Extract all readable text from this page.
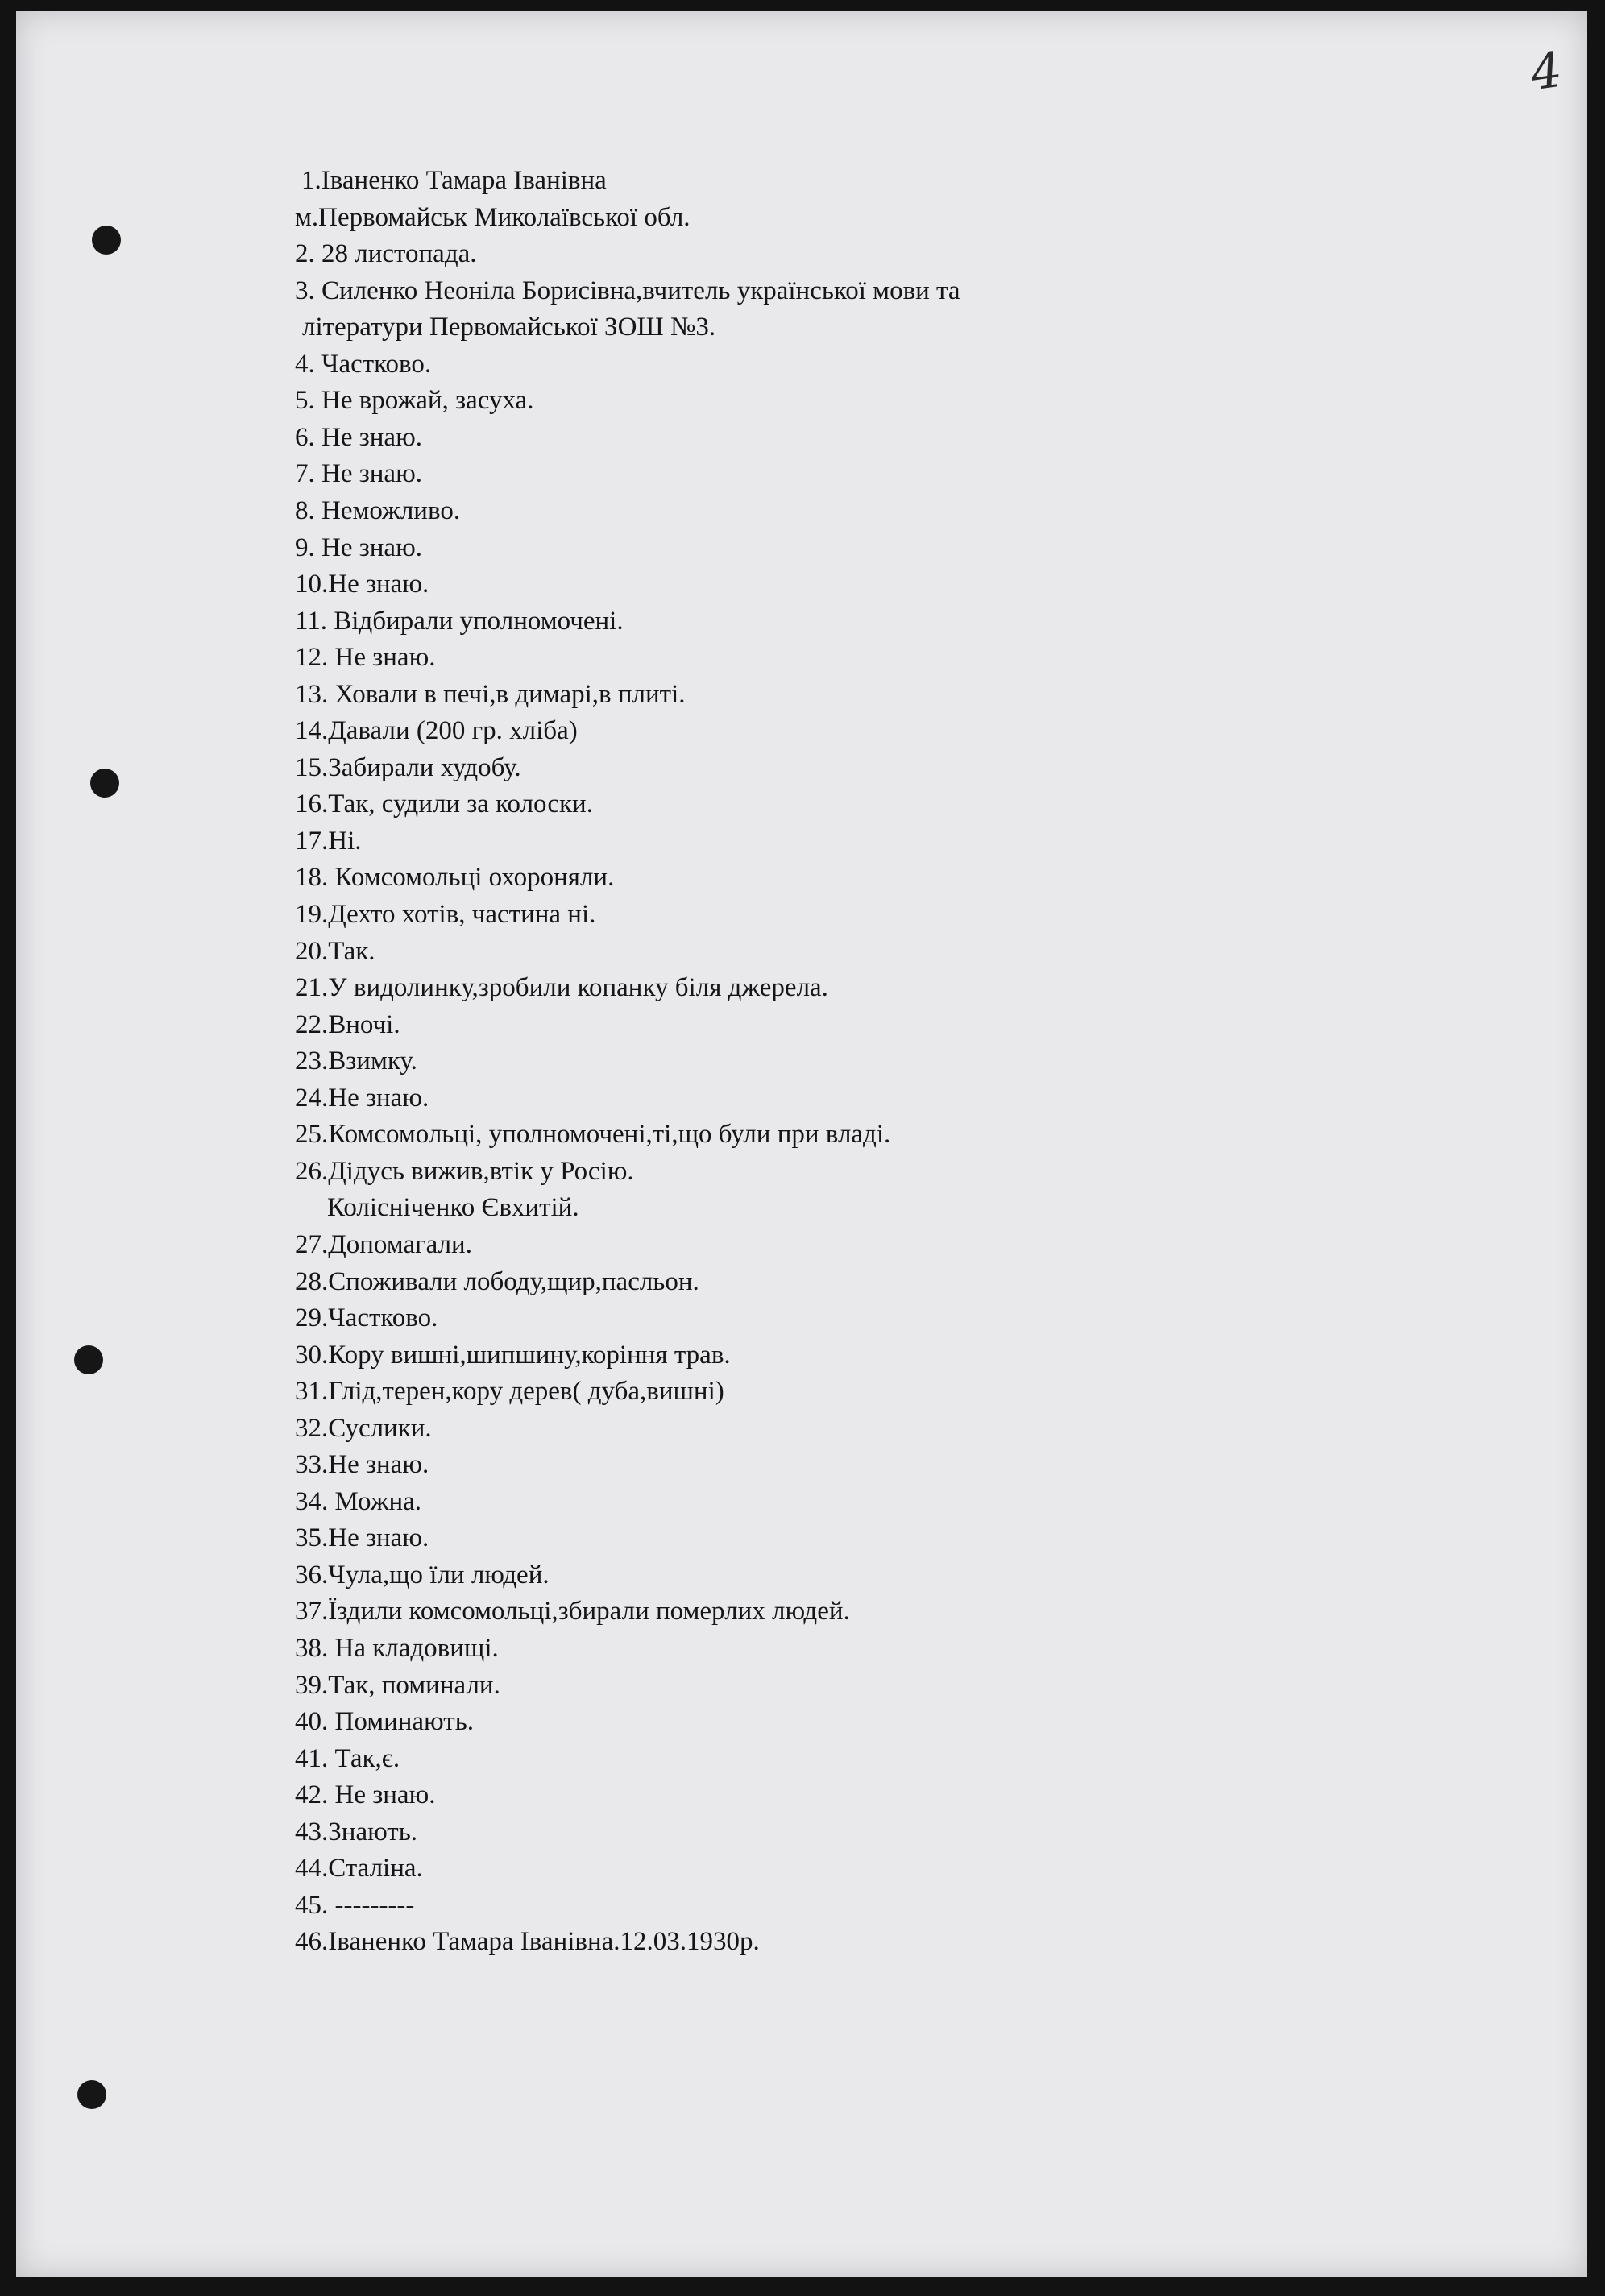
4
1.Іваненко Тамара Іванівна
м.Первомайськ Миколаївської обл.
2. 28 листопада.
3. Силенко Неоніла Борисівна,вчитель української мови та
літератури Первомайської ЗОШ №3.
4. Частково.
5. Не врожай, засуха.
6. Не знаю.
7. Не знаю.
8. Неможливо.
9. Не знаю.
10.Не знаю.
11. Відбирали уполномочені.
12. Не знаю.
13. Ховали в печі,в димарі,в плиті.
14.Давали (200 гр. хліба)
15.Забирали худобу.
16.Так, судили за колоски.
17.Ні.
18. Комсомольці охороняли.
19.Дехто хотів, частина ні.
20.Так.
21.У видолинку,зробили копанку біля джерела.
22.Вночі.
23.Взимку.
24.Не знаю.
25.Комсомольці, уполномочені,ті,що були при владі.
26.Дідусь вижив,втік у Росію.
Колісніченко Євхитій.
27.Допомагали.
28.Споживали лободу,щир,пасльон.
29.Частково.
30.Кору вишні,шипшину,коріння трав.
31.Глід,терен,кору дерев( дуба,вишні)
32.Суслики.
33.Не знаю.
34. Можна.
35.Не знаю.
36.Чула,що їли людей.
37.Їздили комсомольці,збирали померлих людей.
38. На кладовищі.
39.Так, поминали.
40. Поминають.
41. Так,є.
42. Не знаю.
43.Знають.
44.Сталіна.
45. ---------
46.Іваненко Тамара Іванівна.12.03.1930р.
